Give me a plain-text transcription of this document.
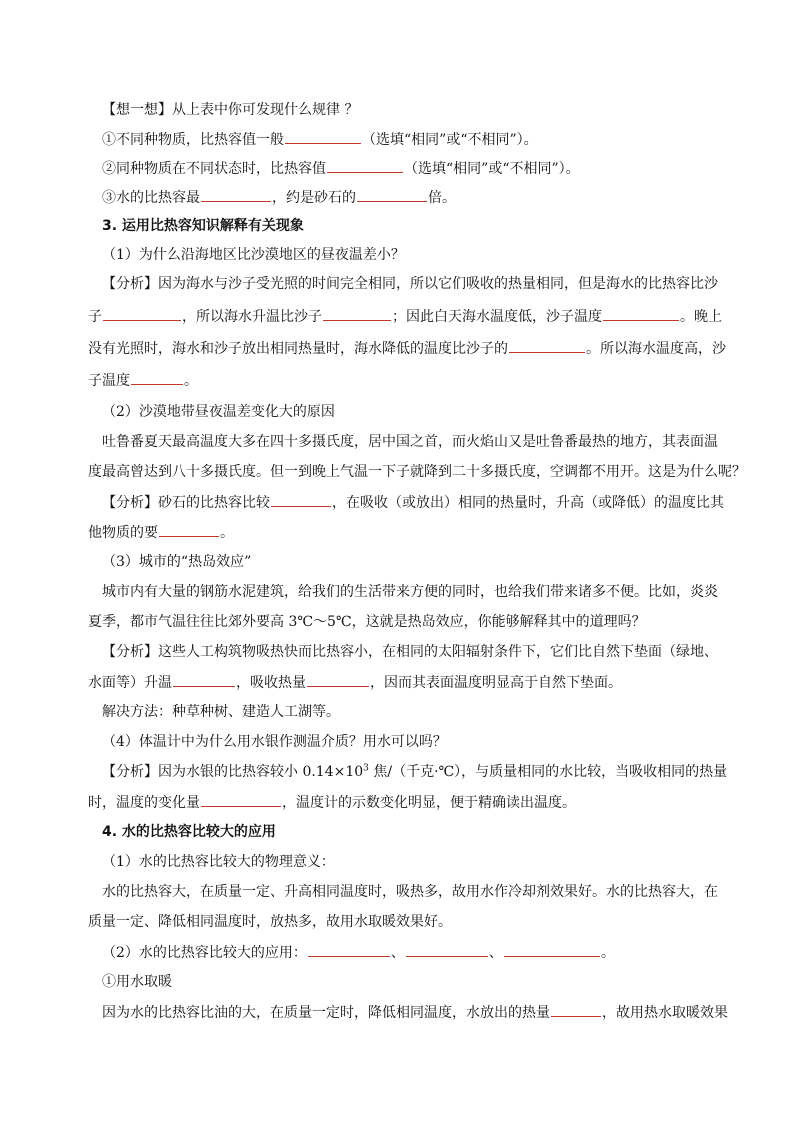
【想一想】从上表中你可发现什么规律 ？
①不同种物质，比热容值一般	（选填“相同”或“不相同”）。
②同种物质在不同状态时，比热容值	（选填“相同”或“不相同”）。
③水的比热容最	，约是砂石的	倍。
3. 运用比热容知识解释有关现象
（1）为什么沿海地区比沙漠地区的昼夜温差小？
【分析】因为海水与沙子受光照的时间完全相同，所以它们吸收的热量相同，但是海水的比热容比沙
子	，所以海水升温比沙子	；因此白天海水温度低，沙子温度	。晚上
没有光照时，海水和沙子放出相同热量时，海水降低的温度比沙子的	。所以海水温度高，沙
子温度	。
（2）沙漠地带昼夜温差变化大的原因
吐鲁番夏天最高温度大多在四十多摄氏度，居中国之首，而火焰山又是吐鲁番最热的地方，其表面温
度最高曾达到八十多摄氏度。但一到晚上气温一下子就降到二十多摄氏度，空调都不用开。这是为什么呢？
【分析】砂石的比热容比较	，在吸收（或放出）相同的热量时，升高（或降低）的温度比其
他物质的要	。
（3）城市的“热岛效应”
城市内有大量的钢筋水泥建筑，给我们的生活带来方便的同时，也给我们带来诸多不便。比如，炎炎
夏季，都市气温往往比郊外要高 3℃～5℃，这就是热岛效应，你能够解释其中的道理吗？
【分析】这些人工构筑物吸热快而比热容小，在相同的太阳辐射条件下，它们比自然下垫面（绿地、
水面等）升温	，吸收热量	，因而其表面温度明显高于自然下垫面。
解决方法：种草种树、建造人工湖等。
（4）体温计中为什么用水银作测温介质？用水可以吗？
【分析】因为水银的比热容较小 $0.14\times 10^3$ 焦/（千克·℃），与质量相同的水比较，当吸收相同的热量
时，温度的变化量	，温度计的示数变化明显，便于精确读出温度。
4. 水的比热容比较大的应用
（1）水的比热容比较大的物理意义：
水的比热容大，在质量一定、升高相同温度时，吸热多，故用水作冷却剂效果好。水的比热容大，在
质量一定、降低相同温度时，放热多，故用水取暖效果好。
（2）水的比热容比较大的应用：	、	、	。
①用水取暖
因为水的比热容比油的大，在质量一定时，降低相同温度，水放出的热量	，故用热水取暖效果
